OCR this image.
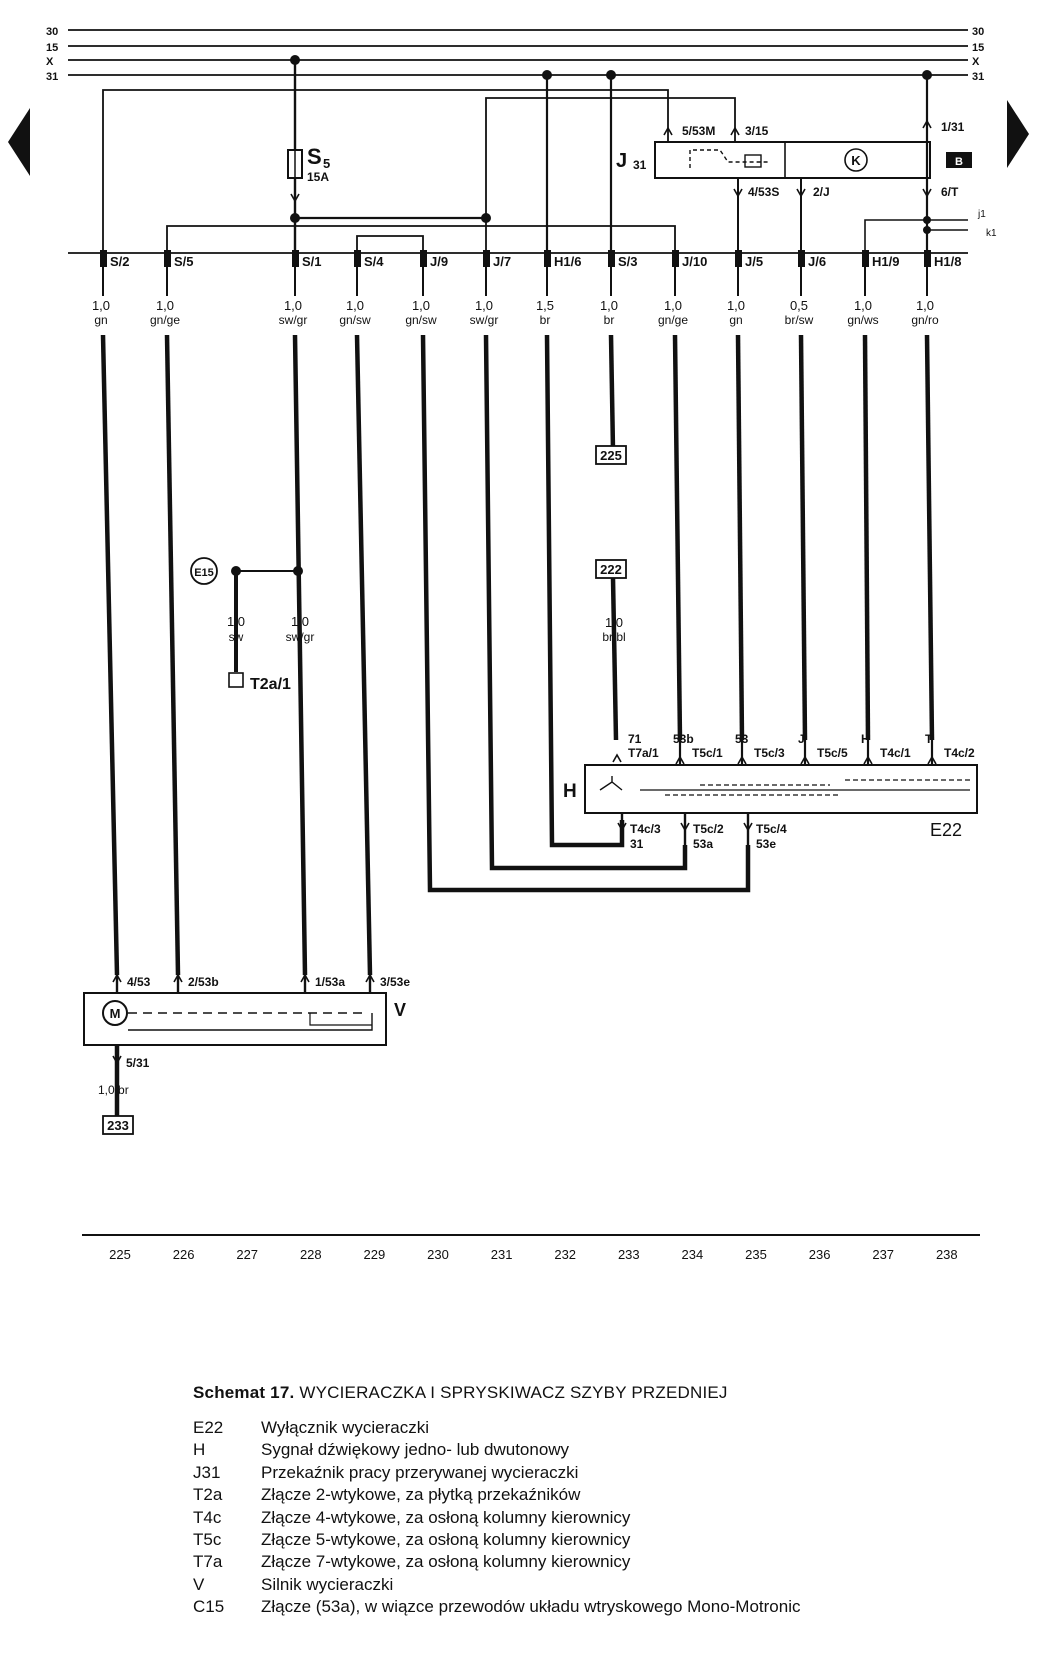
30	30
15	15
X	X
31	31
S 5
15A
J 31	K	B
5/53M 3/15
4/53S	2/J
1/31
6/T
j1
k1
S/2
1,0
gn
S/5
1,0
gn/ge
S/1
1,0
sw/gr
S/4
1,0
gn/sw
J/9
1,0
gn/sw
J/7
1,0
sw/gr
H1/6
1,5
br
S/3
1,0
br
J/10
1,0
gn/ge
J/5
1,0
gn
J/6
0,5
br/sw
H1/9
1,0
gn/ws
H1/8
1,0
gn/ro
225
222
233
E15
1,0
sw
1,0
sw/gr
T2a/1
1,0
br/bl
71
T7a/1
H
E22
53b
T5c/1
53
T5c/3
J
T5c/5
H
T4c/1
T
T4c/2
T4c/3
31
T5c/2
53a
T5c/4
53e
M	V
4/53	2/53b	1/53a	3/53e
5/31
1,0 br
225	226	227	228	229	230	231	232	233	234	235	236	237	238
Schemat 17. WYCIERACZKA I SPRYSKIWACZ SZYBY PRZEDNIEJ
E22	Wyłącznik wycieraczki
H	Sygnał dźwiękowy jedno- lub dwutonowy
J31	Przekaźnik pracy przerywanej wycieraczki
T2a	Złącze 2-wtykowe, za płytką przekaźników
T4c	Złącze 4-wtykowe, za osłoną kolumny kierownicy
T5c	Złącze 5-wtykowe, za osłoną kolumny kierownicy
T7a	Złącze 7-wtykowe, za osłoną kolumny kierownicy
V	Silnik wycieraczki
C15	Złącze (53a), w wiązce przewodów układu wtryskowego Mono-Motronic
